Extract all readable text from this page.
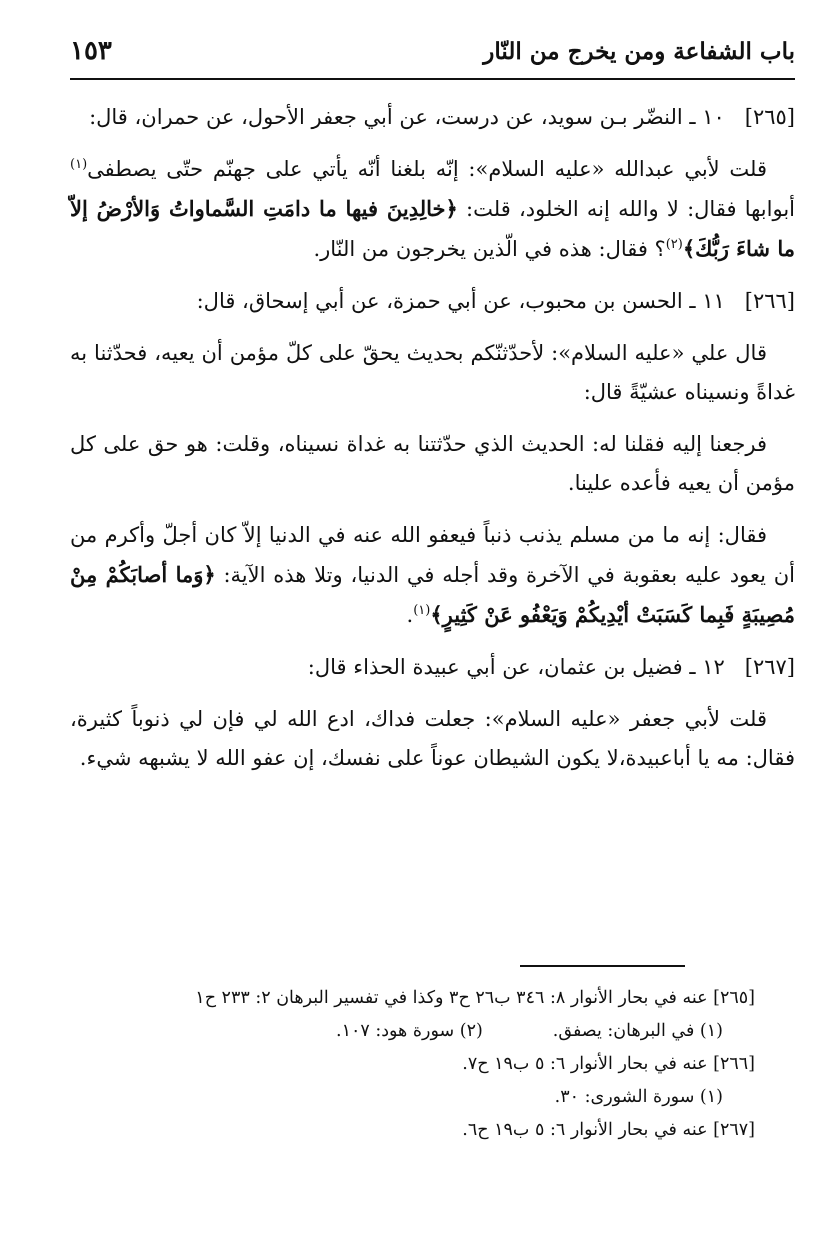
باب الشفاعة ومن يخرج من النّار
١٥٣

[٢٦٥]١٠ ـ النضّر بـن سويد، عن درست، عن أبي جعفر الأحول، عن حمران، قال:

قلت لأبي عبدالله «عليه السلام»: إنّه بلغنا أنّه يأتي على جهنّم حتّى يصطفى$^{(١)}$ أبوابها فقال: لا والله إنه الخلود، قلت: ﴿خالِدِينَ فيها ما دامَتِ السَّماواتُ وَالأرْضُ إلاّ ما شاءَ رَبُّكَ﴾$^{(٢)}$؟ فقال: هذه في الّذين يخرجون من النّار.

[٢٦٦]١١ ـ الحسن بن محبوب، عن أبي حمزة، عن أبي إسحاق، قال:

قال علي «عليه السلام»: لأحدّثنّكم بحديث يحقّ على كلّ مؤمن أن يعيه، فحدّثنا به غداةً ونسيناه عشيّةً قال:

فرجعنا إليه فقلنا له: الحديث الذي حدّثتنا به غداة نسيناه، وقلت: هو حق على كل مؤمن أن يعيه فأعده علينا.

فقال: إنه ما من مسلم يذنب ذنباً فيعفو الله عنه في الدنيا إلاّ كان أجلّ وأكرم من أن يعود عليه بعقوبة في الآخرة وقد أجله في الدنيا، وتلا هذه الآية: ﴿وَما أصابَكُمْ مِنْ مُصِيبَةٍ فَبِما كَسَبَتْ أيْدِيكُمْ وَيَعْفُو عَنْ كَثِيرٍ﴾$^{(١)}$.

[٢٦٧]١٢ ـ فضيل بن عثمان، عن أبي عبيدة الحذاء قال:

قلت لأبي جعفر «عليه السلام»: جعلت فداك، ادع الله لي فإن لي ذنوباً كثيرة، فقال: مه يا أباعبيدة،لا يكون الشيطان عوناً على نفسك، إن عفو الله لا يشبهه شيء.

[٢٦٥] عنه في بحار الأنوار ٨: ٣٤٦ ب٢٦ ح٣ وكذا في تفسير البرهان ٢: ٢٣٣ ح١

(١) في البرهان: يصفق.(٢) سورة هود: ١٠٧.

[٢٦٦] عنه في بحار الأنوار ٦: ٥ ب١٩ ح٧.

(١) سورة الشورى: ٣٠.

[٢٦٧] عنه في بحار الأنوار ٦: ٥ ب١٩ ح٦.
